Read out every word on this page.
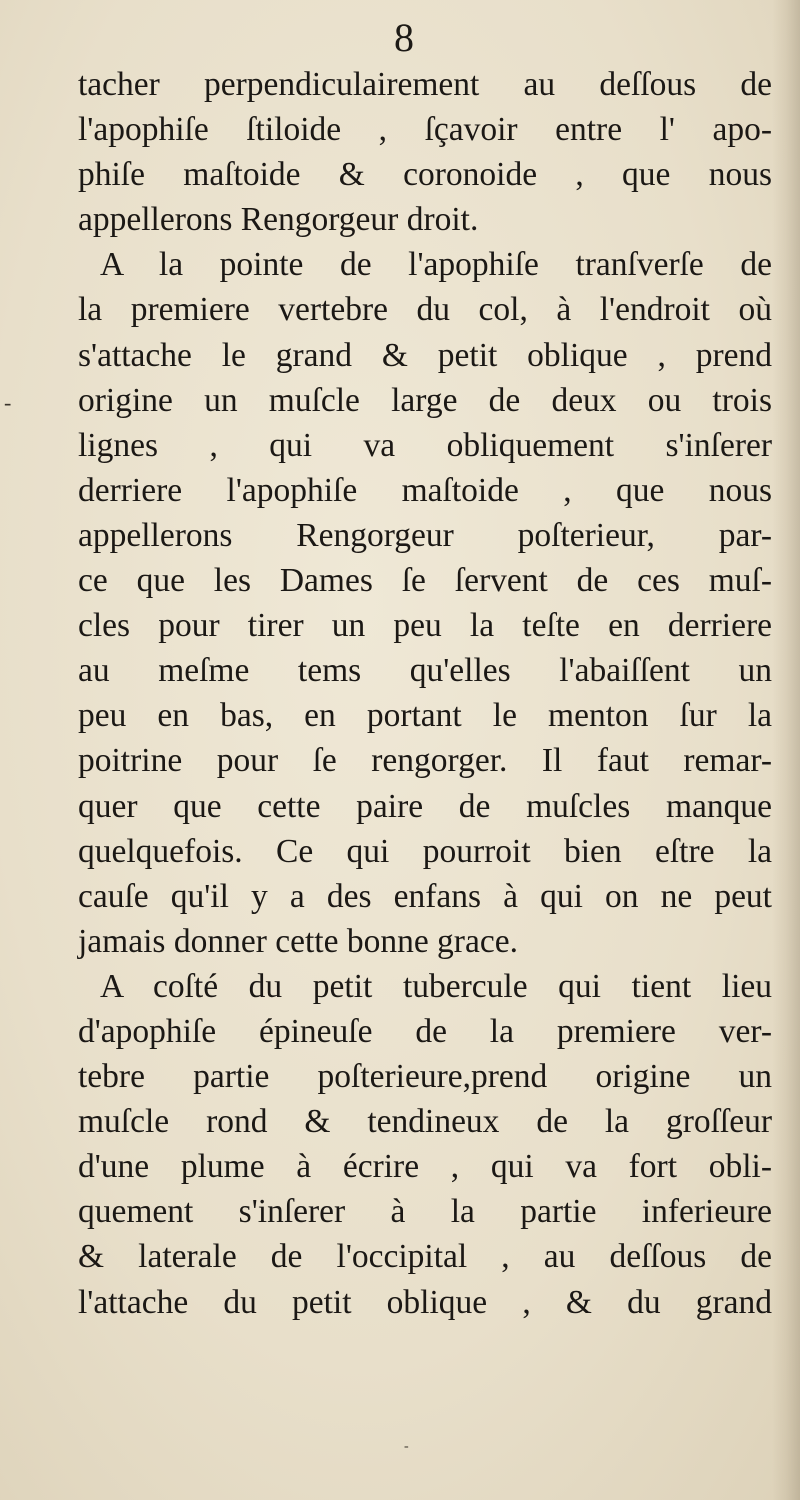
8
tacher perpendiculairement au deſſous de
l'apophiſe ſtiloide , ſçavoir entre l' apo-
phiſe maſtoide & coronoide , que nous
appellerons Rengorgeur droit.
A la pointe de l'apophiſe tranſverſe de
la premiere vertebre du col, à l'endroit où
s'attache le grand & petit oblique , prend
origine un muſcle large de deux ou trois
lignes , qui va obliquement s'inſerer
derriere l'apophiſe maſtoide , que nous
appellerons Rengorgeur poſterieur, par-
ce que les Dames ſe ſervent de ces muſ-
cles pour tirer un peu la teſte en derriere
au meſme tems qu'elles l'abaiſſent un
peu en bas, en portant le menton ſur la
poitrine pour ſe rengorger. Il faut remar-
quer que cette paire de muſcles manque
quelquefois. Ce qui pourroit bien eſtre la
cauſe qu'il y a des enfans à qui on ne peut
jamais donner cette bonne grace.
A coſté du petit tubercule qui tient lieu
d'apophiſe épineuſe de la premiere ver-
tebre partie poſterieure,prend origine un
muſcle rond & tendineux de la groſſeur
d'une plume à écrire , qui va fort obli-
quement s'inſerer à la partie inferieure
& laterale de l'occipital , au deſſous de
l'attache du petit oblique , & du grand
-
-
